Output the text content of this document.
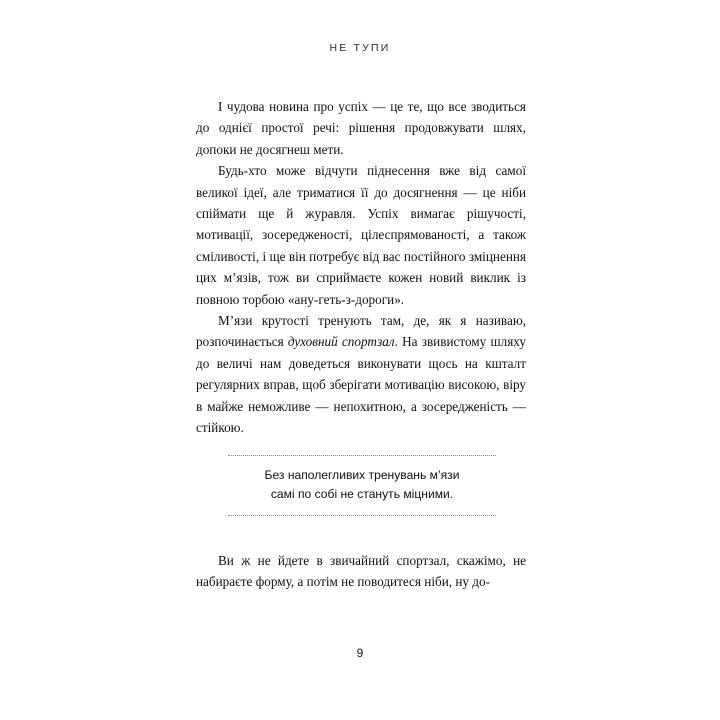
НЕ ТУПИ

І чудова новина про успіх — це те, що все зводиться до однієї простої речі: рішення продовжувати шлях, допоки не досягнеш мети.

Будь-хто може відчути піднесення вже від самої великої ідеї, але триматися її до досягнення — це ніби спіймати ще й журавля. Успіх вимагає рішучості, мотивації, зосередженості, цілеспрямованості, а також сміливості, і ще він потребує від вас постійного зміцнення цих м’язів, тож ви сприймаєте кожен новий виклик із повною торбою «ану-геть-з-дороги».

М’язи крутості тренують там, де, як я називаю, розпочинається духовний спортзал. На звивистому шляху до величі нам доведеться виконувати щось на кшталт регулярних вправ, щоб зберігати мотивацію високою, віру в майже неможливе — непохитною, а зосередженість — стійкою.

Без наполегливих тренувань м’язи

самі по собі не стануть міцними.

Ви ж не йдете в звичайний спортзал, скажімо, не набираєте форму, а потім не поводитеся ніби, ну до-

9
